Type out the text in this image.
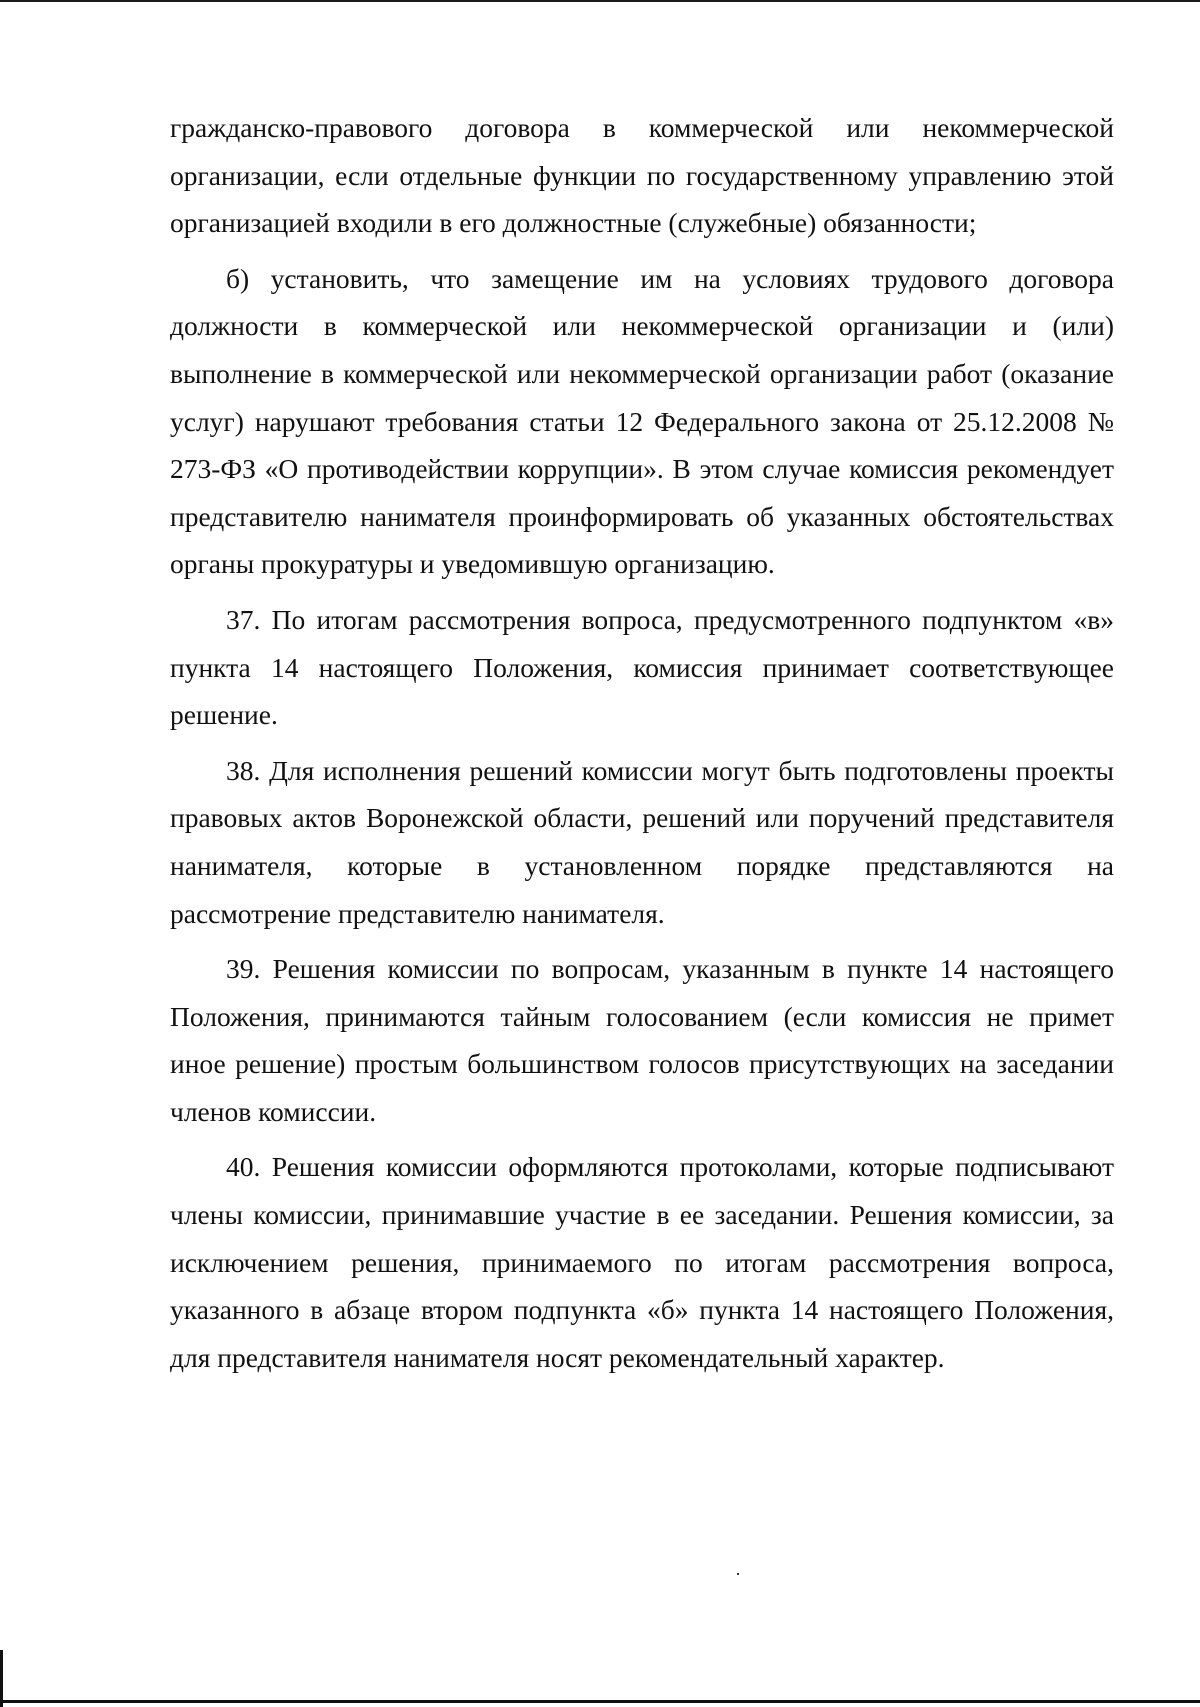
гражданско-правового договора в коммерческой или некоммерческой организации, если отдельные функции по государственному управлению этой организацией входили в его должностные (служебные) обязанности;

б) установить, что замещение им на условиях трудового договора должности в коммерческой или некоммерческой организации и (или) выполнение в коммерческой или некоммерческой организации работ (оказание услуг) нарушают требования статьи 12 Федерального закона от 25.12.2008 № 273-ФЗ «О противодействии коррупции». В этом случае комиссия рекомендует представителю нанимателя проинформировать об указанных обстоятельствах органы прокуратуры и уведомившую организацию.

37. По итогам рассмотрения вопроса, предусмотренного подпунктом «в» пункта 14 настоящего Положения, комиссия принимает соответствующее решение.

38. Для исполнения решений комиссии могут быть подготовлены проекты правовых актов Воронежской области, решений или поручений представителя нанимателя, которые в установленном порядке представляются на рассмотрение представителю нанимателя.

39. Решения комиссии по вопросам, указанным в пункте 14 настоящего Положения, принимаются тайным голосованием (если комиссия не примет иное решение) простым большинством голосов присутствующих на заседании членов комиссии.

40. Решения комиссии оформляются протоколами, которые подписывают члены комиссии, принимавшие участие в ее заседании. Решения комиссии, за исключением решения, принимаемого по итогам рассмотрения вопроса, указанного в абзаце втором подпункта «б» пункта 14 настоящего Положения, для представителя нанимателя носят рекомендательный характер.
